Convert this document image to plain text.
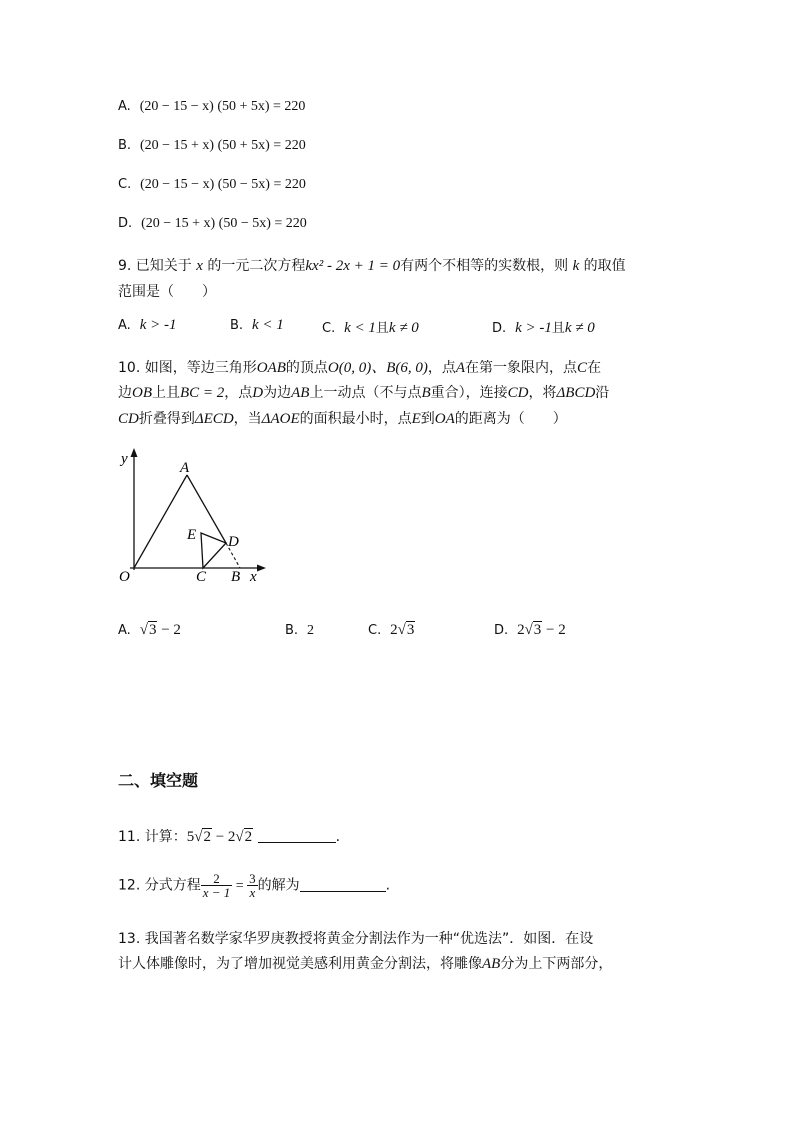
A. (20 − 15 − x) (50 + 5x) = 220
B. (20 − 15 + x) (50 + 5x) = 220
C. (20 − 15 − x) (50 − 5x) = 220
D. (20 − 15 + x) (50 − 5x) = 220
9. 已知关于 x 的一元二次方程kx² - 2x + 1 = 0有两个不相等的实数根，则 k 的取值
范围是（　　）
A. k > -1	B. k < 1	C. k < 1且k ≠ 0	D. k > -1且k ≠ 0
10. 如图，等边三角形OAB的顶点O(0, 0)、B(6, 0)，点A在第一象限内，点C在
边OB上且BC = 2，点D为边AB上一动点（不与点B重合），连接CD，将ΔBCD沿
CD折叠得到ΔECD，当ΔAOE的面积最小时，点E到OA的距离为（　　）
y
A
E D
O	C B x
A. √3 − 2	B. 2	C. 2√3	D. 2√3 − 2
二、填空题
11. 计算：5√2 − 2√2	.
12. 分式方程 $\frac{2}{x - 1} = \frac{3}{x}$ 的解为	.
13. 我国著名数学家华罗庚教授将黄金分割法作为一种“优选法”．如图．在设
计人体雕像时，为了增加视觉美感利用黄金分割法，将雕像AB分为上下两部分，
